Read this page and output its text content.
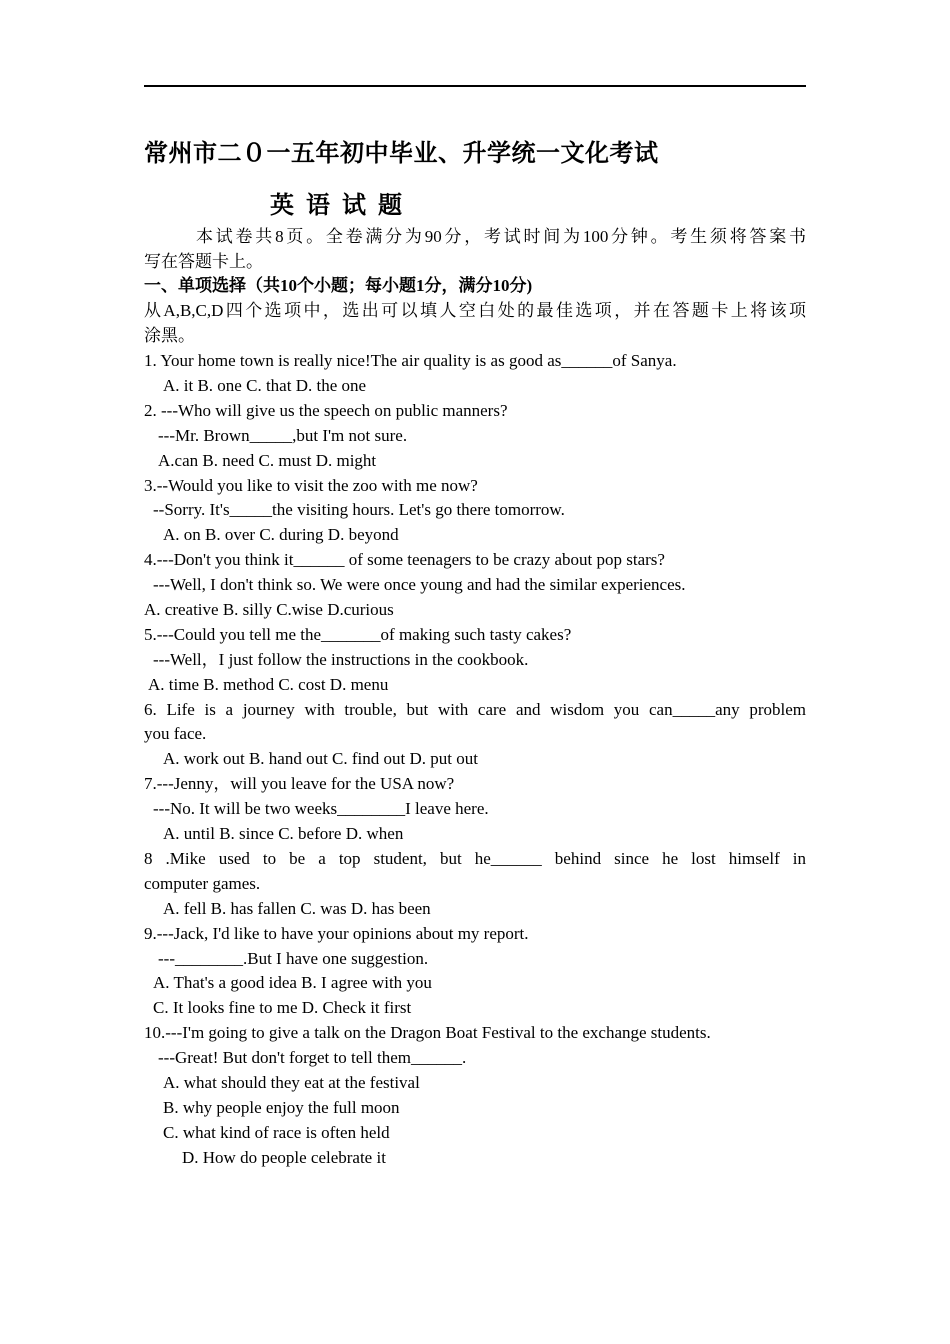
常州市二０一五年初中毕业、升学统一文化考试
英语试题
本试卷共8页。全卷满分为90分，考试时间为100分钟。考生须将答案书
写在答题卡上。
一、单项选择（共10个小题；每小题1分，满分10分)
从A,B,C,D四个选项中，选出可以填人空白处的最佳选项，并在答题卡上将该项
涂黑。
1. Your home town is really nice!The air quality is as good as______of Sanya.
A. it B. one C. that D. the one
2. ---Who will give us the speech on public manners?
---Mr. Brown_____,but I'm not sure.
A.can B. need C. must D. might
3.--Would you like to visit the zoo with me now?
--Sorry. It's_____the visiting hours. Let's go there tomorrow.
A. on B. over C. during D. beyond
4.---Don't you think it______ of some teenagers to be crazy about pop stars?
---Well, I don't think so. We were once young and had the similar experiences.
A. creative B. silly C.wise D.curious
5.---Could you tell me the_______of making such tasty cakes?
---Well，I just follow the instructions in the cookbook.
A. time B. method C. cost D. menu
6. Life is a journey with trouble, but with care and wisdom you can_____any problem
you face.
A. work out B. hand out C. find out D. put out
7.---Jenny，will you leave for the USA now?
---No. It will be two weeks________I leave here.
A. until B. since C. before D. when
8 .Mike used to be a top student, but he______ behind since he lost himself in
computer games.
A. fell B. has fallen C. was D. has been
9.---Jack, I'd like to have your opinions about my report.
---________.But I have one suggestion.
A. That's a good idea B. I agree with you
C. It looks fine to me D. Check it first
10.---I'm going to give a talk on the Dragon Boat Festival to the exchange students.
---Great! But don't forget to tell them______.
A. what should they eat at the festival
B. why people enjoy the full moon
C. what kind of race is often held
D. How do people celebrate it
